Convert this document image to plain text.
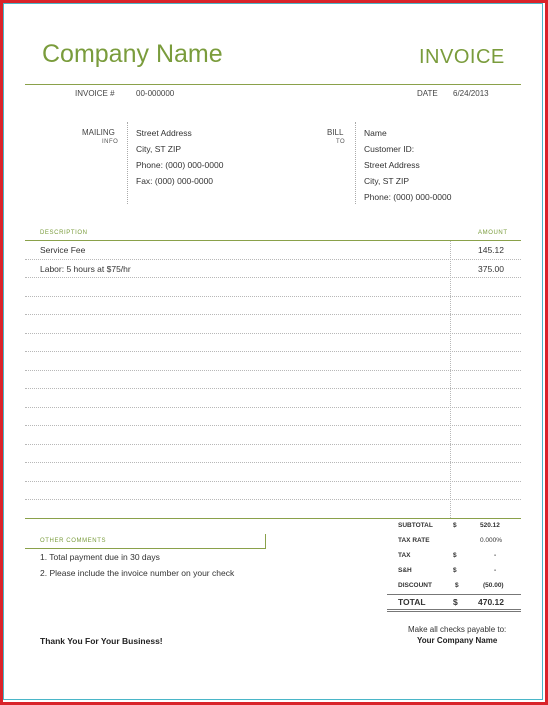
Company Name	INVOICE
INVOICE #	00-000000	DATE 6/24/2013
MAILING
INFO
Street Address
City, ST ZIP
Phone: (000) 000-0000
Fax: (000) 000-0000
BILL
TO
Name
Customer ID:
Street Address
City, ST ZIP
Phone: (000) 000-0000
DESCRIPTION	AMOUNT
Service Fee	145.12
Labor: 5 hours at $75/hr	375.00
OTHER COMMENTS
1. Total payment due in 30 days
2. Please include the invoice number on your check
SUBTOTAL	$	520.12
TAX RATE	0.000%
TAX	$	-
S&H	$	-
DISCOUNT	$	(50.00)
TOTAL	$ 470.12
Thank You For Your Business!
Make all checks payable to:
Your Company Name
